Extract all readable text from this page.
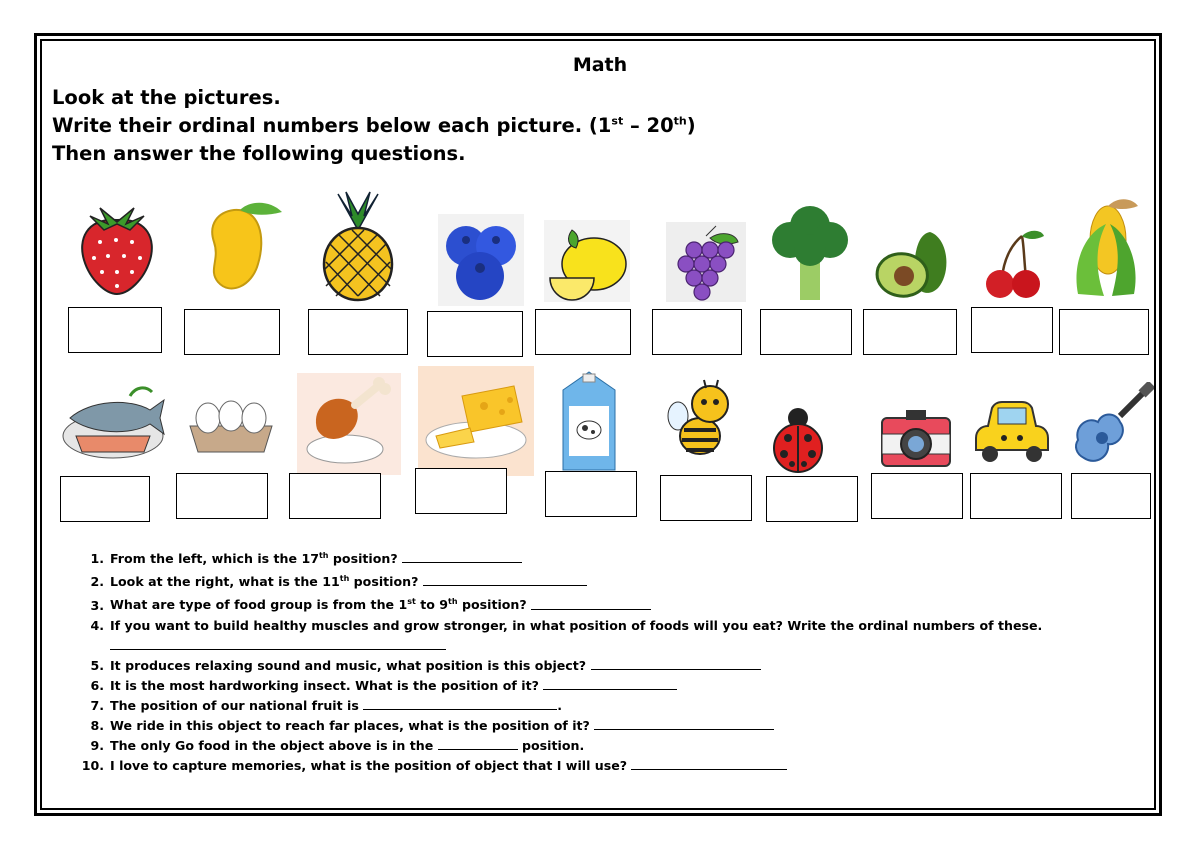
Math
Look at the pictures.
Write their ordinal numbers below each picture. (1st – 20th)
Then answer the following questions.
1. From the left, which is the 17th position?
2. Look at the right, what is the 11th position?
3. What are type of food group is from the 1st to 9th position?
4. If you want to build healthy muscles and grow stronger, in what position of foods will you eat? Write the ordinal numbers of these.
5. It produces relaxing sound and music, what position is this object?
6. It is the most hardworking insect. What is the position of it?
7. The position of our national fruit is	.
8. We ride in this object to reach far places, what is the position of it?
9. The only Go food in the object above is in the	position.
10. I love to capture memories, what is the position of object that I will use?
